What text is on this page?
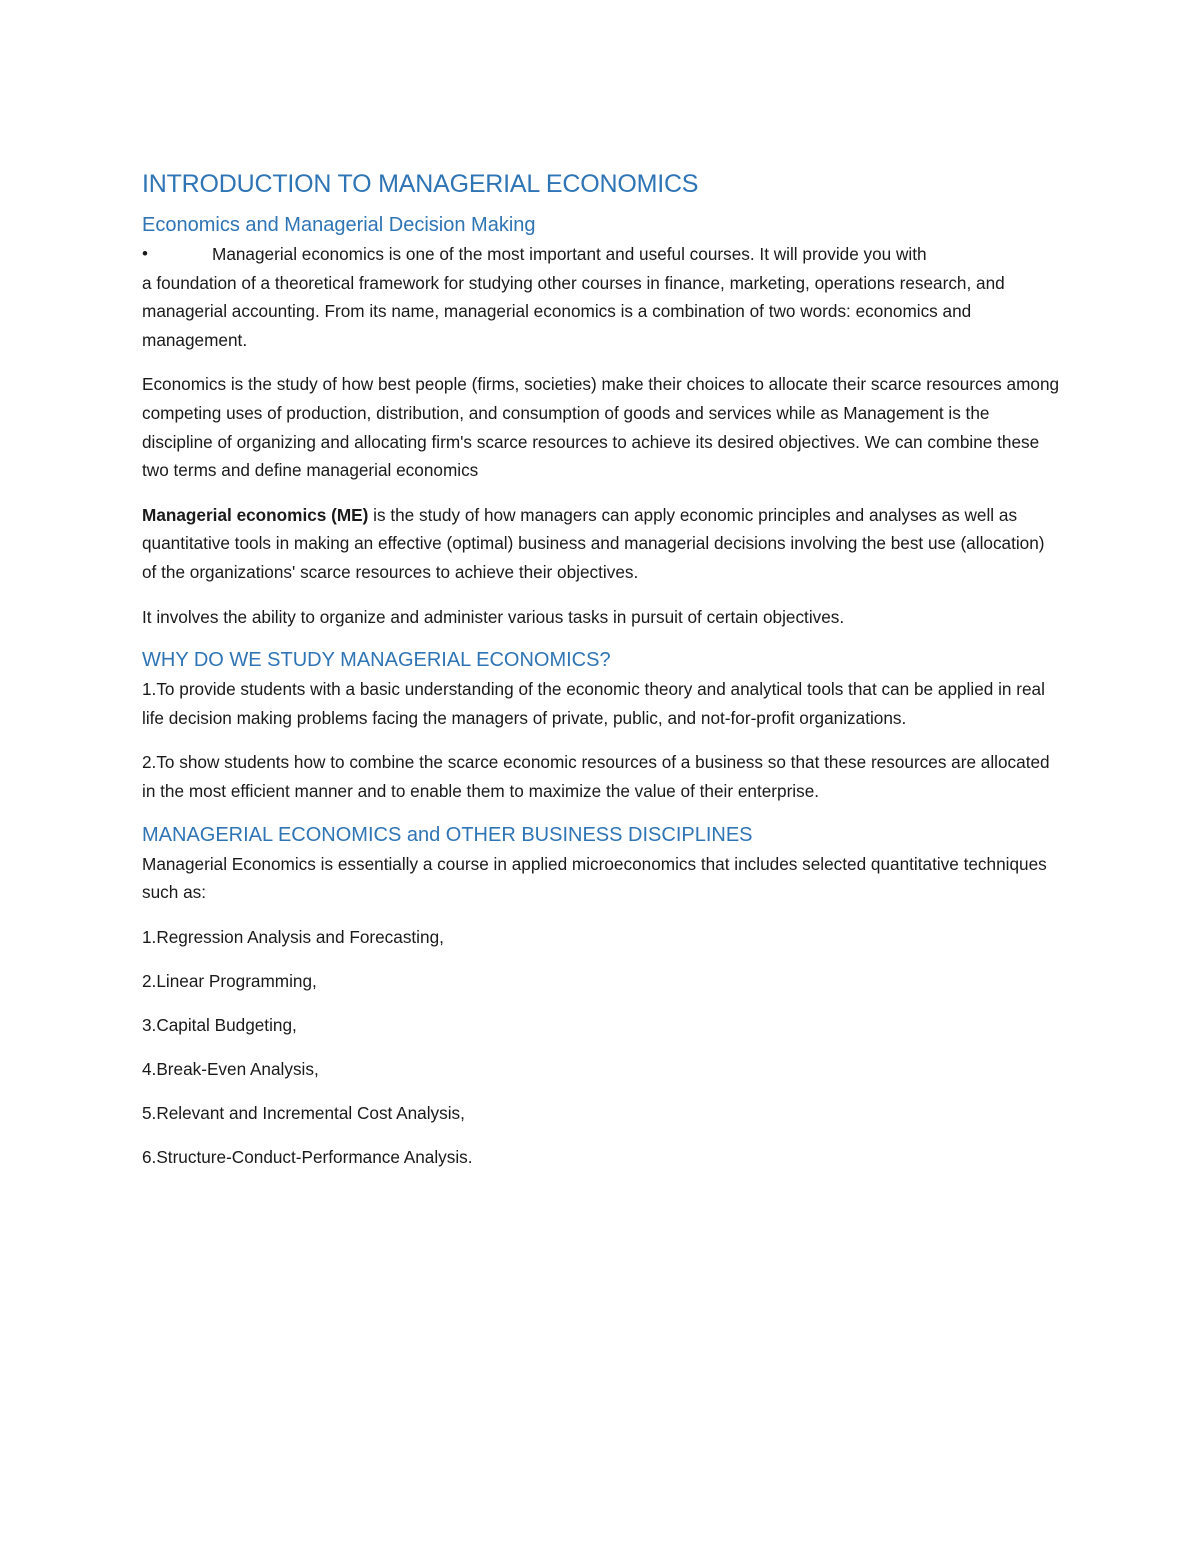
INTRODUCTION TO MANAGERIAL ECONOMICS
Economics and Managerial Decision Making
•	Managerial economics is one of the most important and useful courses. It will provide you with

a foundation of a theoretical framework for studying other courses in finance, marketing, operations research, and managerial accounting. From its name, managerial economics is a combination of two words: economics and management.

Economics is the study of how best people (firms, societies) make their choices to allocate their scarce resources among competing uses of production, distribution, and consumption of goods and services while as Management is the discipline of organizing and allocating firm's scarce resources to achieve its desired objectives. We can combine these two terms and define managerial economics

Managerial economics (ME) is the study of how managers can apply economic principles and analyses as well as quantitative tools in making an effective (optimal) business and managerial decisions involving the best use (allocation) of the organizations' scarce resources to achieve their objectives.

It involves the ability to organize and administer various tasks in pursuit of certain objectives.

WHY DO WE STUDY MANAGERIAL ECONOMICS?

1.To provide students with a basic understanding of the economic theory and analytical tools that can be applied in real life decision making problems facing the managers of private, public, and not-for-profit organizations.

2.To show students how to combine the scarce economic resources of a business so that these resources are allocated in the most efficient manner and to enable them to maximize the value of their enterprise.

MANAGERIAL ECONOMICS and OTHER BUSINESS DISCIPLINES

Managerial Economics is essentially a course in applied microeconomics that includes selected quantitative techniques such as:

1.Regression Analysis and Forecasting,

2.Linear Programming,

3.Capital Budgeting,

4.Break-Even Analysis,

5.Relevant and Incremental Cost Analysis,

6.Structure-Conduct-Performance Analysis.
